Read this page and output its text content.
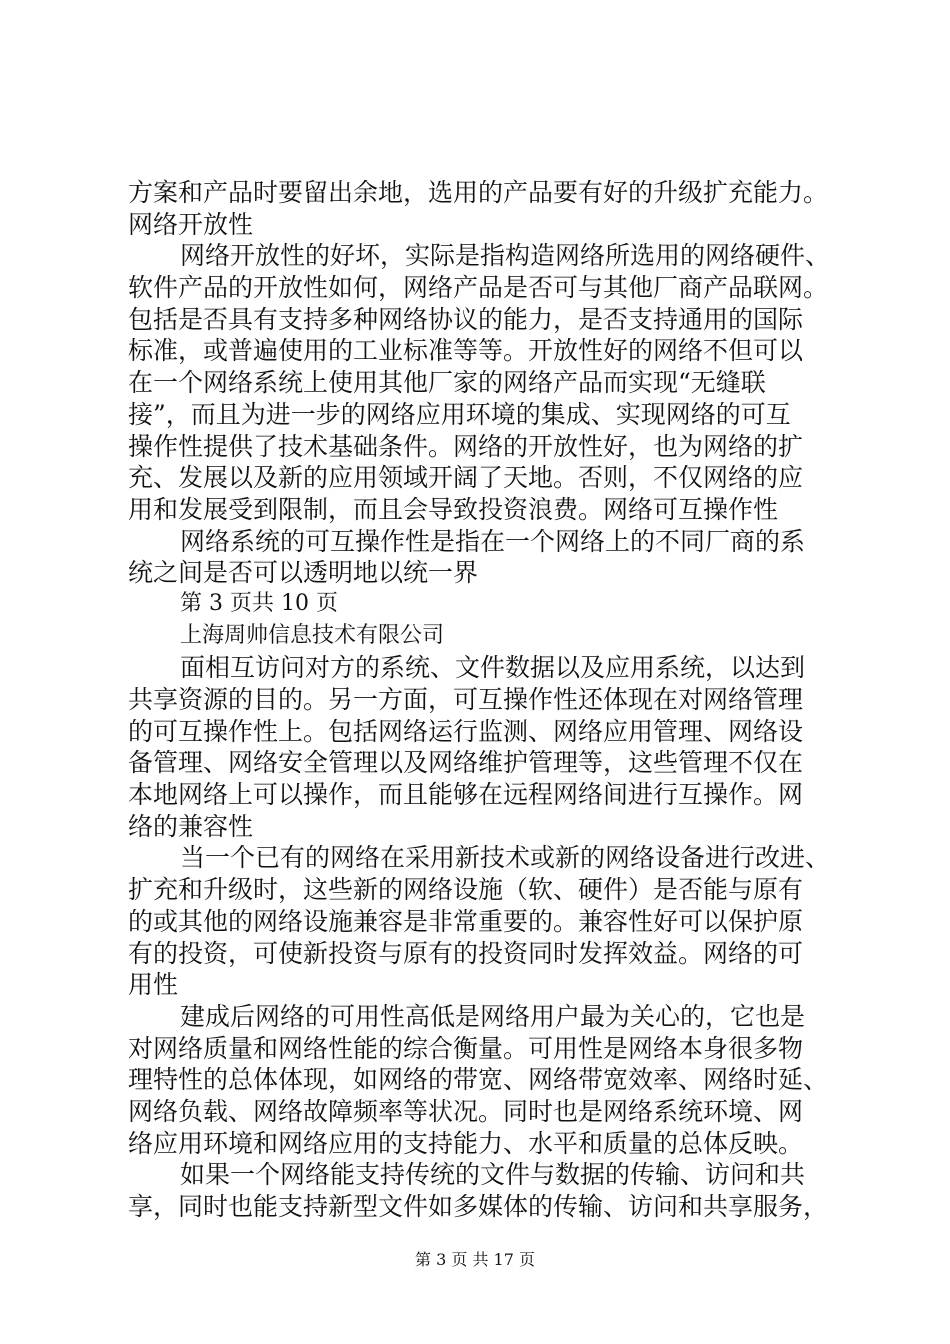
方案和产品时要留出余地，选用的产品要有好的升级扩充能力。
网络开放性
网络开放性的好坏，实际是指构造网络所选用的网络硬件、
软件产品的开放性如何，网络产品是否可与其他厂商产品联网。
包括是否具有支持多种网络协议的能力，是否支持通用的国际
标准，或普遍使用的工业标准等等。开放性好的网络不但可以
在一个网络系统上使用其他厂家的网络产品而实现“无缝联
接”，而且为进一步的网络应用环境的集成、实现网络的可互
操作性提供了技术基础条件。网络的开放性好，也为网络的扩
充、发展以及新的应用领域开阔了天地。否则，不仅网络的应
用和发展受到限制，而且会导致投资浪费。网络可互操作性
网络系统的可互操作性是指在一个网络上的不同厂商的系
统之间是否可以透明地以统一界
第 3 页共 10 页
上海周帅信息技术有限公司
面相互访问对方的系统、文件数据以及应用系统，以达到
共享资源的目的。另一方面，可互操作性还体现在对网络管理
的可互操作性上。包括网络运行监测、网络应用管理、网络设
备管理、网络安全管理以及网络维护管理等，这些管理不仅在
本地网络上可以操作，而且能够在远程网络间进行互操作。网
络的兼容性
当一个已有的网络在采用新技术或新的网络设备进行改进、
扩充和升级时，这些新的网络设施（软、硬件）是否能与原有
的或其他的网络设施兼容是非常重要的。兼容性好可以保护原
有的投资，可使新投资与原有的投资同时发挥效益。网络的可
用性
建成后网络的可用性高低是网络用户最为关心的，它也是
对网络质量和网络性能的综合衡量。可用性是网络本身很多物
理特性的总体体现，如网络的带宽、网络带宽效率、网络时延、
网络负载、网络故障频率等状况。同时也是网络系统环境、网
络应用环境和网络应用的支持能力、水平和质量的总体反映。
如果一个网络能支持传统的文件与数据的传输、访问和共
享，同时也能支持新型文件如多媒体的传输、访问和共享服务，
第 3 页 共 17 页
